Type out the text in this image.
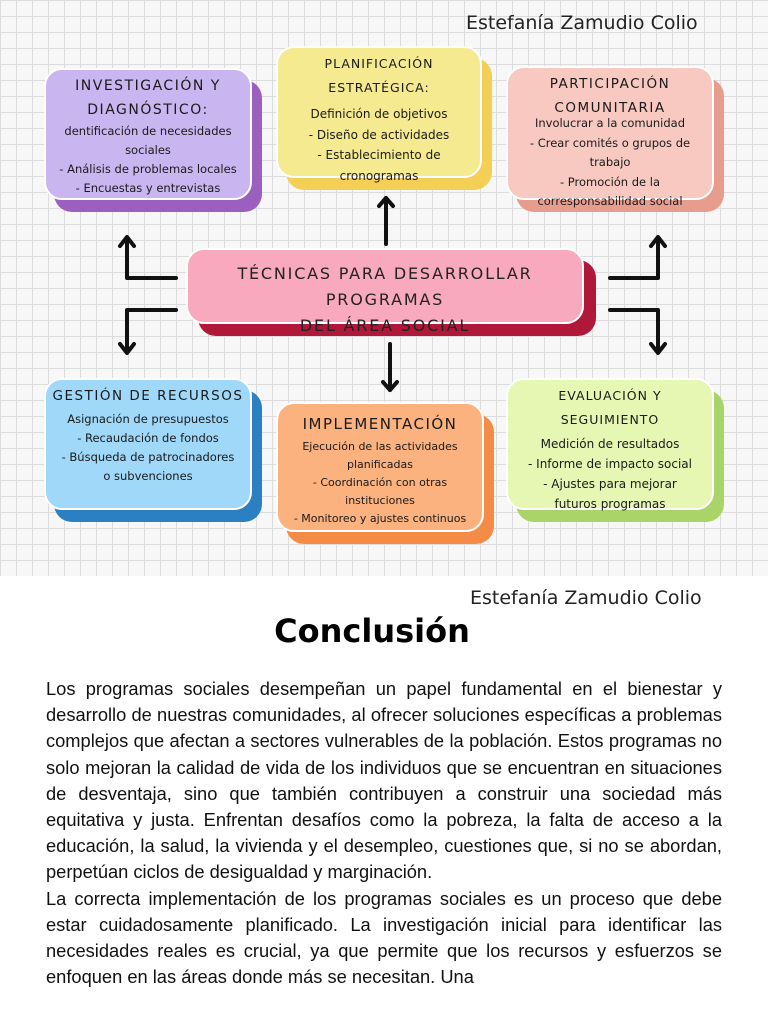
Estefanía Zamudio Colio
INVESTIGACIÓN Y
DIAGNÓSTICO:
dentificación de necesidades
sociales
- Análisis de problemas locales
- Encuestas y entrevistas
PLANIFICACIÓN ESTRATÉGICA:
Definición de objetivos
- Diseño de actividades
- Establecimiento de
cronogramas
PARTICIPACIÓN
COMUNITARIA
Involucrar a la comunidad
- Crear comités o grupos de
trabajo
- Promoción de la
corresponsabilidad social
TÉCNICAS PARA DESARROLLAR PROGRAMAS
DEL ÁREA SOCIAL
GESTIÓN DE RECURSOS
Asignación de presupuestos
- Recaudación de fondos
- Búsqueda de patrocinadores
o subvenciones
IMPLEMENTACIÓN
Ejecución de las actividades
planificadas
- Coordinación con otras
instituciones
- Monitoreo y ajustes continuos
EVALUACIÓN Y SEGUIMIENTO
Medición de resultados
- Informe de impacto social
- Ajustes para mejorar
futuros programas
Estefanía Zamudio Colio
Conclusión

Los programas sociales desempeñan un papel fundamental en el bienestar y desarrollo de nuestras comunidades, al ofrecer soluciones específicas a problemas complejos que afectan a sectores vulnerables de la población. Estos programas no solo mejoran la calidad de vida de los individuos que se encuentran en situaciones de desventaja, sino que también contribuyen a construir una sociedad más equitativa y justa. Enfrentan desafíos como la pobreza, la falta de acceso a la educación, la salud, la vivienda y el desempleo, cuestiones que, si no se abordan, perpetúan ciclos de desigualdad y marginación.

La correcta implementación de los programas sociales es un proceso que debe estar cuidadosamente planificado. La investigación inicial para identificar las necesidades reales es crucial, ya que permite que los recursos y esfuerzos se enfoquen en las áreas donde más se necesitan. Una
